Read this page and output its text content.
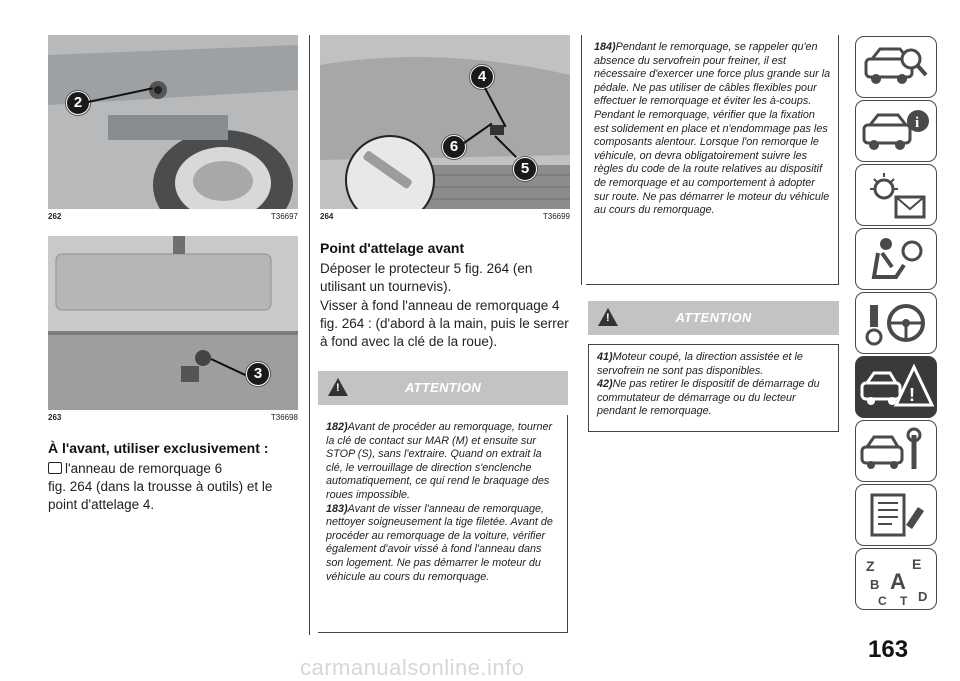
2
262	T36697
3
263	T36698
À l'avant, utiliser exclusivement :
l'anneau de remorquage 6
fig. 264 (dans la trousse à outils) et le point d'attelage 4.
4
6
5
264	T36699
Point d'attelage avant
Déposer le protecteur 5 fig. 264 (en utilisant un tournevis).
Visser à fond l'anneau de remorquage 4 fig. 264 : (d'abord à la main, puis le serrer à fond avec la clé de la roue).
!
ATTENTION
182)Avant de procéder au remorquage, tourner la clé de contact sur MAR (M) et ensuite sur STOP (S), sans l'extraire. Quand on extrait la clé, le verrouillage de direction s'enclenche automatiquement, ce qui rend le braquage des roues impossible.
183)Avant de visser l'anneau de remorquage, nettoyer soigneusement la tige filetée. Avant de procéder au remorquage de la voiture, vérifier également d'avoir vissé à fond l'anneau dans son logement. Ne pas démarrer le moteur du véhicule au cours du remorquage.
184)Pendant le remorquage, se rappeler qu'en absence du servofrein pour freiner, il est nécessaire d'exercer une force plus grande sur la pédale. Ne pas utiliser de câbles flexibles pour effectuer le remorquage et éviter les à-coups. Pendant le remorquage, vérifier que la fixation est solidement en place et n'endommage pas les composants alentour. Lorsque l'on remorque le véhicule, on devra obligatoirement suivre les règles du code de la route relatives au dispositif de remorquage et au comportement à adopter sur route. Ne pas démarrer le moteur du véhicule au cours du remorquage.
!
ATTENTION
41)Moteur coupé, la direction assistée et le servofrein ne sont pas disponibles.
42)Ne pas retirer le dispositif de démarrage du commutateur de démarrage ou du lecteur pendant le remorquage.
i
!
Z	E
B A
C T D
163
carmanualsonline.info
